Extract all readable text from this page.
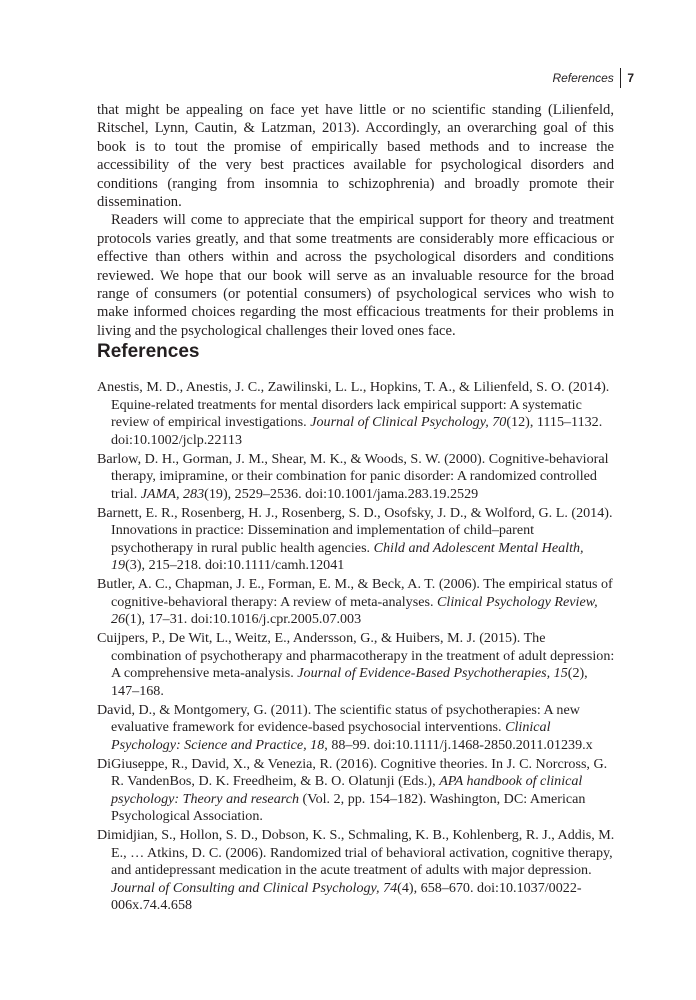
References 7

that might be appealing on face yet have little or no scientific standing (Lilienfeld, Ritschel, Lynn, Cautin, & Latzman, 2013). Accordingly, an overarching goal of this book is to tout the promise of empirically based methods and to increase the accessibility of the very best practices available for psychological disorders and conditions (ranging from insomnia to schizophrenia) and broadly promote their dissemination.

Readers will come to appreciate that the empirical support for theory and treatment protocols varies greatly, and that some treatments are considerably more efficacious or effective than others within and across the psychological disorders and conditions reviewed. We hope that our book will serve as an invaluable resource for the broad range of consumers (or potential consumers) of psychological services who wish to make informed choices regarding the most efficacious treatments for their problems in living and the psychological challenges their loved ones face.

References
Anestis, M. D., Anestis, J. C., Zawilinski, L. L., Hopkins, T. A., & Lilienfeld, S. O. (2014). Equine-related treatments for mental disorders lack empirical support: A systematic review of empirical investigations. Journal of Clinical Psychology, 70(12), 1115–1132. doi:10.1002/jclp.22113
Barlow, D. H., Gorman, J. M., Shear, M. K., & Woods, S. W. (2000). Cognitive-behavioral therapy, imipramine, or their combination for panic disorder: A randomized controlled trial. JAMA, 283(19), 2529–2536. doi:10.1001/jama.283.19.2529
Barnett, E. R., Rosenberg, H. J., Rosenberg, S. D., Osofsky, J. D., & Wolford, G. L. (2014). Innovations in practice: Dissemination and implementation of child–parent psychotherapy in rural public health agencies. Child and Adolescent Mental Health, 19(3), 215–218. doi:10.1111/camh.12041
Butler, A. C., Chapman, J. E., Forman, E. M., & Beck, A. T. (2006). The empirical status of cognitive-behavioral therapy: A review of meta-analyses. Clinical Psychology Review, 26(1), 17–31. doi:10.1016/j.cpr.2005.07.003
Cuijpers, P., De Wit, L., Weitz, E., Andersson, G., & Huibers, M. J. (2015). The combination of psychotherapy and pharmacotherapy in the treatment of adult depression: A comprehensive meta-analysis. Journal of Evidence-Based Psychotherapies, 15(2), 147–168.
David, D., & Montgomery, G. (2011). The scientific status of psychotherapies: A new evaluative framework for evidence-based psychosocial interventions. Clinical Psychology: Science and Practice, 18, 88–99. doi:10.1111/j.1468-2850.2011.01239.x
DiGiuseppe, R., David, X., & Venezia, R. (2016). Cognitive theories. In J. C. Norcross, G. R. VandenBos, D. K. Freedheim, & B. O. Olatunji (Eds.), APA handbook of clinical psychology: Theory and research (Vol. 2, pp. 154–182). Washington, DC: American Psychological Association.
Dimidjian, S., Hollon, S. D., Dobson, K. S., Schmaling, K. B., Kohlenberg, R. J., Addis, M. E., … Atkins, D. C. (2006). Randomized trial of behavioral activation, cognitive therapy, and antidepressant medication in the acute treatment of adults with major depression. Journal of Consulting and Clinical Psychology, 74(4), 658–670. doi:10.1037/0022-006x.74.4.658
